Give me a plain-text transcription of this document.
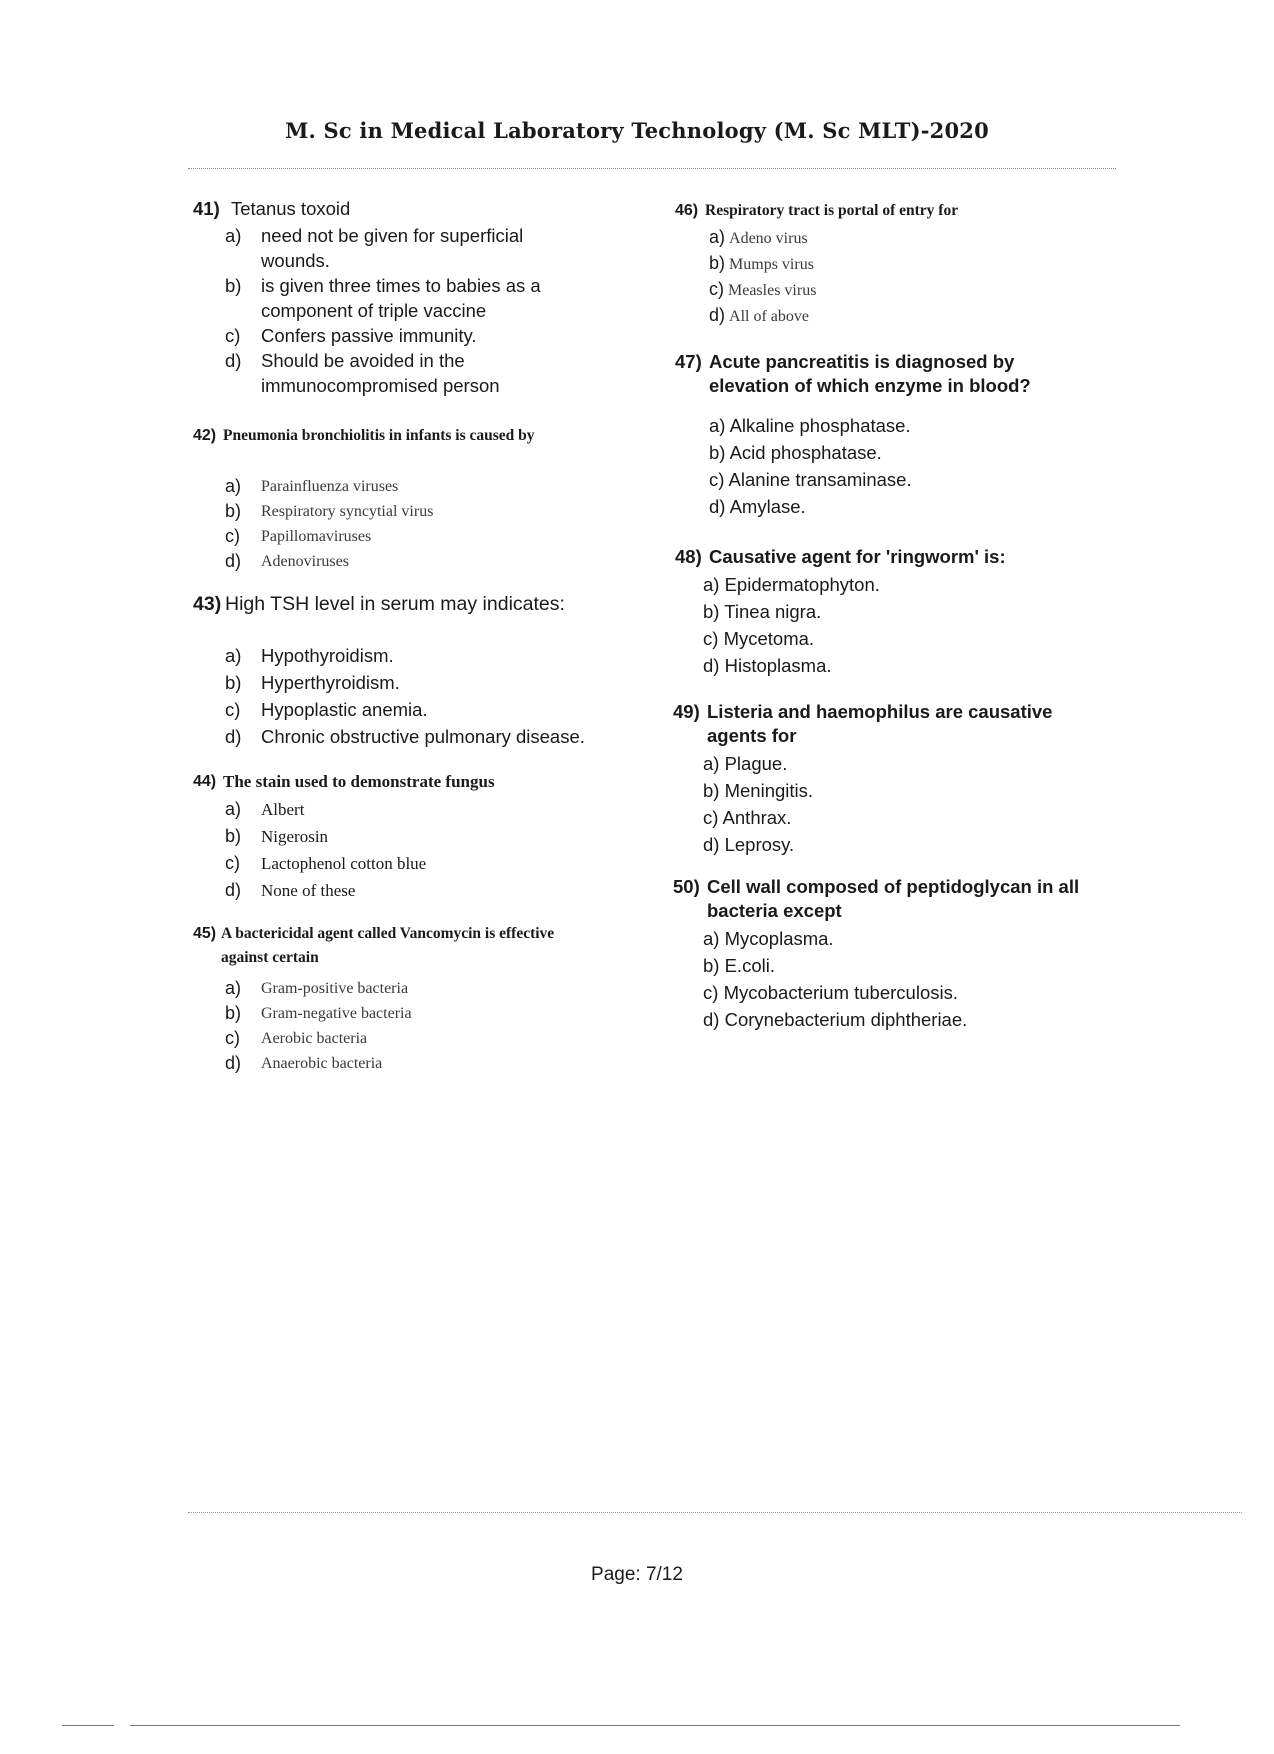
M. Sc in Medical Laboratory Technology (M. Sc MLT)-2020
41) Tetanus toxoid
a)	need not be given for superficial wounds.
b)	is given three times to babies as a component of triple vaccine
c)	Confers passive immunity.
d)	Should be avoided in the immunocompromised person
42) Pneumonia bronchiolitis in infants is caused by
a)	Parainfluenza viruses
b)	Respiratory syncytial virus
c)	Papillomaviruses
d)	Adenoviruses
43) High TSH level in serum may indicates:
a)	Hypothyroidism.
b)	Hyperthyroidism.
c)	Hypoplastic anemia.
d)	Chronic obstructive pulmonary disease.
44) The stain used to demonstrate fungus
a)	Albert
b)	Nigerosin
c)	Lactophenol cotton blue
d)	None of these
45) A bactericidal agent called Vancomycin is effective against certain
a)	Gram-positive bacteria
b)	Gram-negative bacteria
c)	Aerobic bacteria
d)	Anaerobic bacteria
46) Respiratory tract is portal of entry for
a) Adeno virus
b) Mumps virus
c) Measles virus
d) All of above
47) Acute pancreatitis is diagnosed by elevation of which enzyme in blood?
a) Alkaline phosphatase.
b) Acid phosphatase.
c) Alanine transaminase.
d) Amylase.
48) Causative agent for 'ringworm' is:
a) Epidermatophyton.
b) Tinea nigra.
c) Mycetoma.
d) Histoplasma.
49) Listeria and haemophilus are causative agents for
a) Plague.
b) Meningitis.
c) Anthrax.
d) Leprosy.
50) Cell wall composed of peptidoglycan in all bacteria except
a) Mycoplasma.
b) E.coli.
c) Mycobacterium tuberculosis.
d) Corynebacterium diphtheriae.
Page: 7/12
